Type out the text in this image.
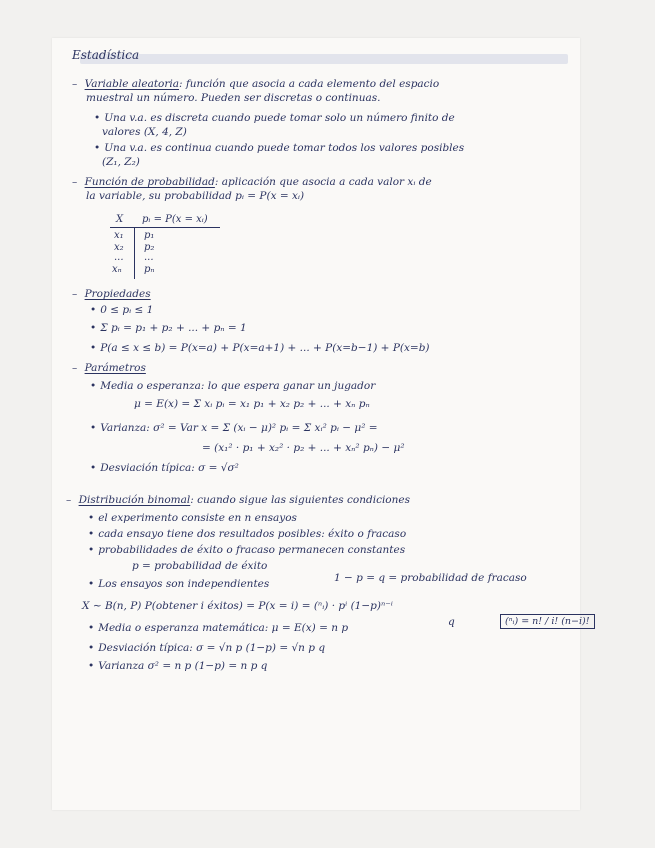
Estadística
– Variable aleatoria: función que asocia a cada elemento del espacio
muestral un número. Pueden ser discretas o continuas.
• Una v.a. es discreta cuando puede tomar solo un número finito de
valores (X, 4, Z)
• Una v.a. es continua cuando puede tomar todos los valores posibles
(Z₁, Z₂)
– Función de probabilidad: aplicación que asocia a cada valor xᵢ de
la variable, su probabilidad pᵢ = P(x = xᵢ)
X pᵢ = P(x = xᵢ)
x₁
x₂
...
xₙ
p₁
p₂
...
pₙ
– Propiedades
• 0 ≤ pᵢ ≤ 1
• Σ pᵢ = p₁ + p₂ + ... + pₙ = 1
• P(a ≤ x ≤ b) = P(x=a) + P(x=a+1) + ... + P(x=b−1) + P(x=b)
– Parámetros
• Media o esperanza: lo que espera ganar un jugador
μ = E(x) = Σ xᵢ pᵢ = x₁ p₁ + x₂ p₂ + ... + xₙ pₙ
• Varianza: σ² = Var x = Σ (xᵢ − μ)² pᵢ = Σ xᵢ² pᵢ − μ² =
= (x₁² · p₁ + x₂² · p₂ + ... + xₙ² pₙ) − μ²
• Desviación típica: σ = √σ²
– Distribución binomal: cuando sigue las siguientes condiciones
• el experimento consiste en n ensayos
• cada ensayo tiene dos resultados posibles: éxito o fracaso
• probabilidades de éxito o fracaso permanecen constantes
p = probabilidad de éxito
1 − p = q = probabilidad de fracaso
• Los ensayos son independientes
X ∼ B(n, P) P(obtener i éxitos) = P(x = i) = (ⁿᵢ) · pⁱ (1−p)ⁿ⁻ⁱ
q	(ⁿᵢ) = n! / i! (n−i)!
• Media o esperanza matemática: μ = E(x) = n p
• Desviación típica: σ = √n p (1−p) = √n p q
• Varianza σ² = n p (1−p) = n p q
